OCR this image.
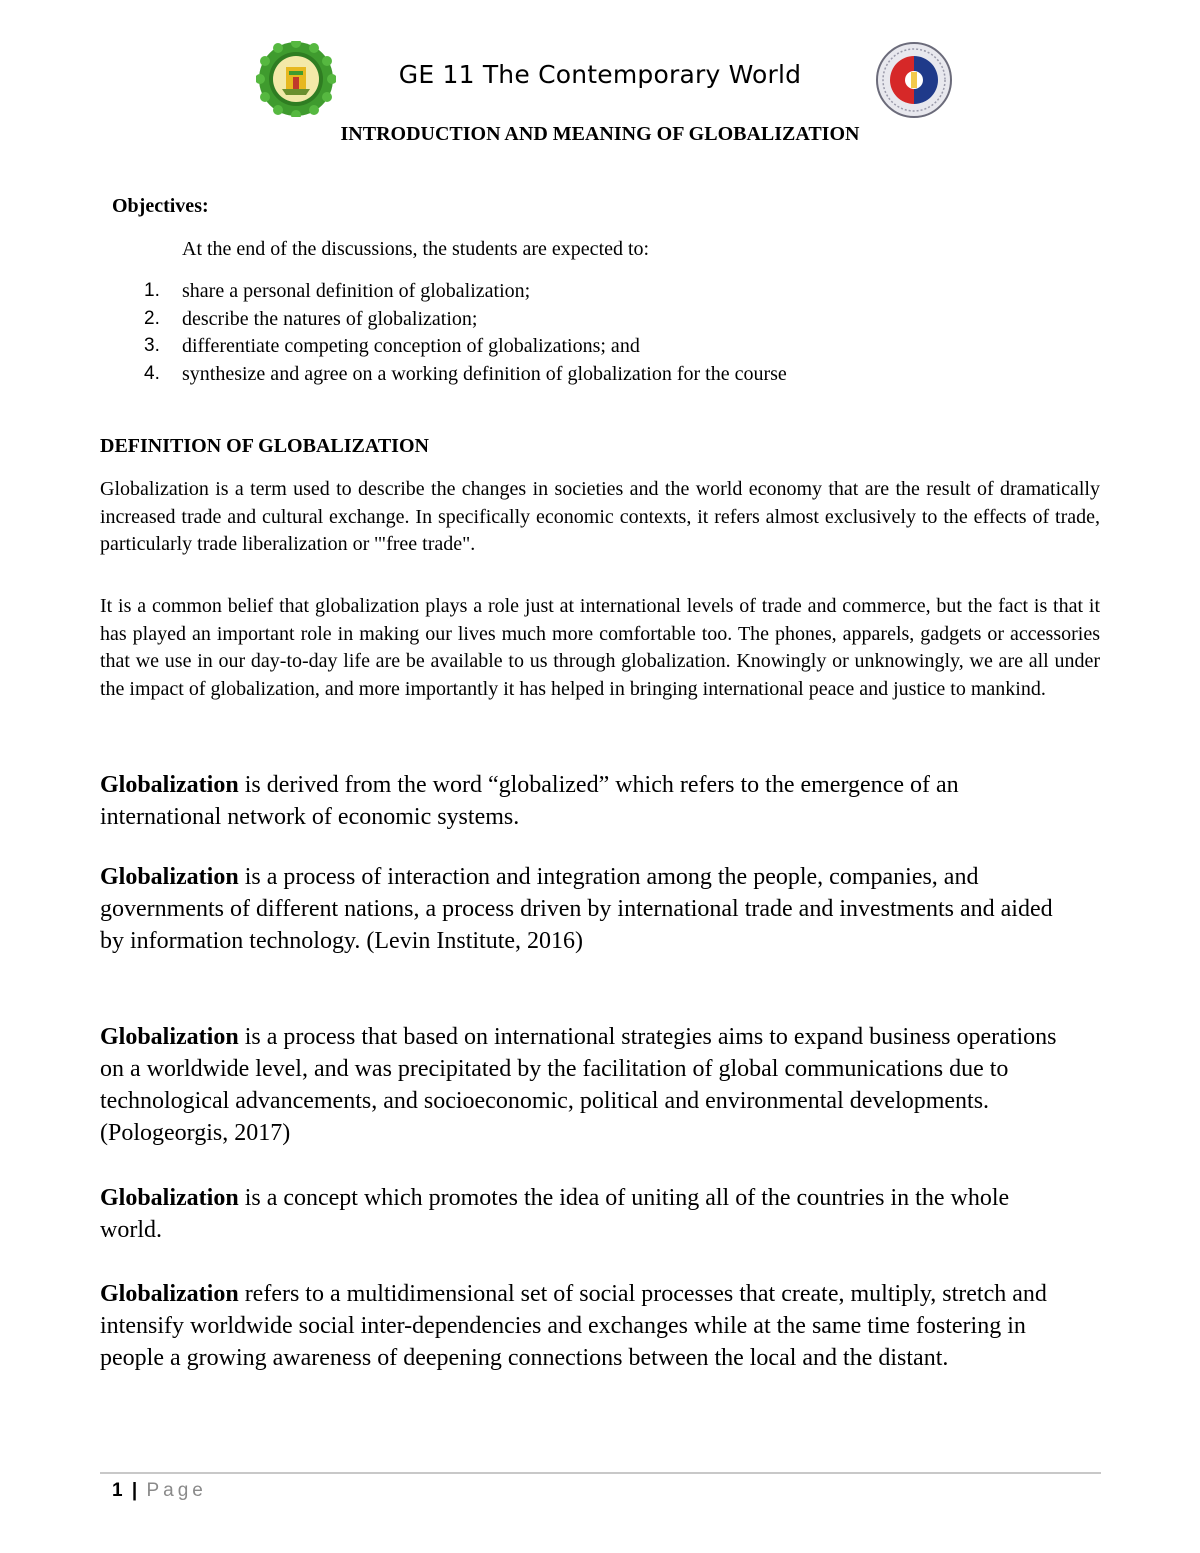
GE 11 The Contemporary World
INTRODUCTION AND MEANING OF GLOBALIZATION
Objectives:
At the end of the discussions, the students are expected to:
1.	share a personal definition of globalization;
2.	describe the natures of globalization;
3.	differentiate competing conception of globalizations; and
4.	synthesize and agree on a working definition of globalization for the course
DEFINITION OF GLOBALIZATION

Globalization is a term used to describe the changes in societies and the world economy that are the result of dramatically increased trade and cultural exchange. In specifically economic contexts, it refers almost exclusively to the effects of trade, particularly trade liberalization or '"free trade".

It is a common belief that globalization plays a role just at international levels of trade and commerce, but the fact is that it has played an important role in making our lives much more comfortable too. The phones, apparels, gadgets or accessories that we use in our day-to-day life are be available to us through globalization. Knowingly or unknowingly, we are all under the impact of globalization, and more importantly it has helped in bringing international peace and justice to mankind.

Globalization is derived from the word “globalized” which refers to the emergence of an international network of economic systems.

Globalization is a process of interaction and integration among the people, companies, and governments of different nations, a process driven by international trade and investments and aided by information technology. (Levin Institute, 2016)

Globalization is a process that based on international strategies aims to expand business operations on a worldwide level, and was precipitated by the facilitation of global communications due to technological advancements, and socioeconomic, political and environmental developments. (Pologeorgis, 2017)

Globalization is a concept which promotes the idea of uniting all of the countries in the whole world.

Globalization refers to a multidimensional set of social processes that create, multiply, stretch and intensify worldwide social inter-dependencies and exchanges while at the same time fostering in people a growing awareness of deepening connections between the local and the distant.

1 | Page
